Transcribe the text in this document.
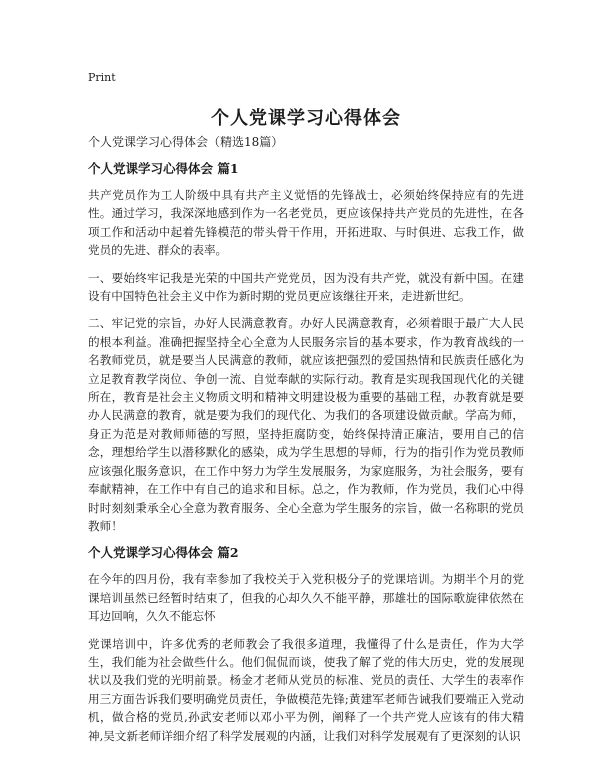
Print
个人党课学习心得体会

个人党课学习心得体会（精选18篇）

个人党课学习心得体会 篇1

共产党员作为工人阶级中具有共产主义觉悟的先锋战士，必须始终保持应有的先进性。通过学习，我深深地感到作为一名老党员，更应该保持共产党员的先进性，在各项工作和活动中起着先锋模范的带头骨干作用，开拓进取、与时俱进、忘我工作，做党员的先进、群众的表率。

一、要始终牢记我是光荣的中国共产党党员，因为没有共产党，就没有新中国。在建设有中国特色社会主义中作为新时期的党员更应该继往开来，走进新世纪。

二、牢记党的宗旨，办好人民满意教育。办好人民满意教育，必须着眼于最广大人民的根本利益。准确把握坚持全心全意为人民服务宗旨的基本要求，作为教育战线的一名教师党员，就是要当人民满意的教师，就应该把强烈的爱国热情和民族责任感化为立足教育教学岗位、争创一流、自觉奉献的实际行动。教育是实现我国现代化的关键所在，教育是社会主义物质文明和精神文明建设极为重要的基础工程，办教育就是要办人民满意的教育，就是要为我们的现代化、为我们的各项建设做贡献。学高为师，身正为范是对教师师德的写照，坚持拒腐防变，始终保持清正廉洁，要用自己的信念，理想给学生以潜移默化的感染，成为学生思想的导师，行为的指引作为党员教师应该强化服务意识，在工作中努力为学生发展服务，为家庭服务，为社会服务，要有奉献精神，在工作中有自己的追求和目标。总之，作为教师，作为党员，我们心中得时时刻刻秉承全心全意为教育服务、全心全意为学生服务的宗旨，做一名称职的党员教师！

个人党课学习心得体会 篇2

在今年的四月份，我有幸参加了我校关于入党积极分子的党课培训。为期半个月的党课培训虽然已经暂时结束了，但我的心却久久不能平静，那雄壮的国际歌旋律依然在耳边回响，久久不能忘怀

党课培训中，许多优秀的老师教会了我很多道理，我懂得了什么是责任，作为大学生，我们能为社会做些什么。他们侃侃而谈，使我了解了党的伟大历史，党的发展现状以及我们党的光明前景。杨金才老师从党员的标准、党员的责任、大学生的表率作用三方面告诉我们要明确党员责任，争做模范先锋;黄建军老师告诫我们要端正入党动机，做合格的党员,孙武安老师以邓小平为例，阐释了一个共产党人应该有的伟大精神,吴文新老师详细介绍了科学发展观的内涵，让我们对科学发展观有了更深刻的认识
